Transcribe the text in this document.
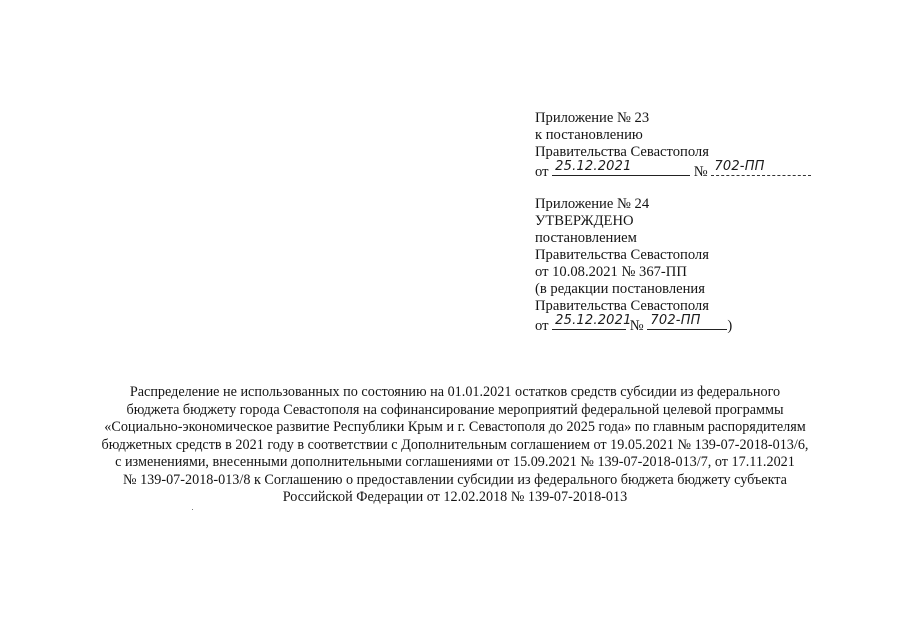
Приложение № 23
к постановлению
Правительства Севастополя
от 25.12.2021	№ 702-ПП
Приложение № 24
УТВЕРЖДЕНО
постановлением
Правительства Севастополя
от 10.08.2021 № 367-ПП
(в редакции постановления
Правительства Севастополя
от 25.12.2021
№ 702-ПП )
Распределение не использованных по состоянию на 01.01.2021 остатков средств субсидии из федерального
бюджета бюджету города Севастополя на софинансирование мероприятий федеральной целевой программы
«Социально-экономическое развитие Республики Крым и г. Севастополя до 2025 года» по главным распорядителям
бюджетных средств в 2021 году в соответствии с Дополнительным соглашением от 19.05.2021 № 139-07-2018-013/6,
с изменениями, внесенными дополнительными соглашениями от 15.09.2021 № 139-07-2018-013/7, от 17.11.2021
№ 139-07-2018-013/8 к Соглашению о предоставлении субсидии из федерального бюджета бюджету субъекта
Российской Федерации от 12.02.2018 № 139-07-2018-013
